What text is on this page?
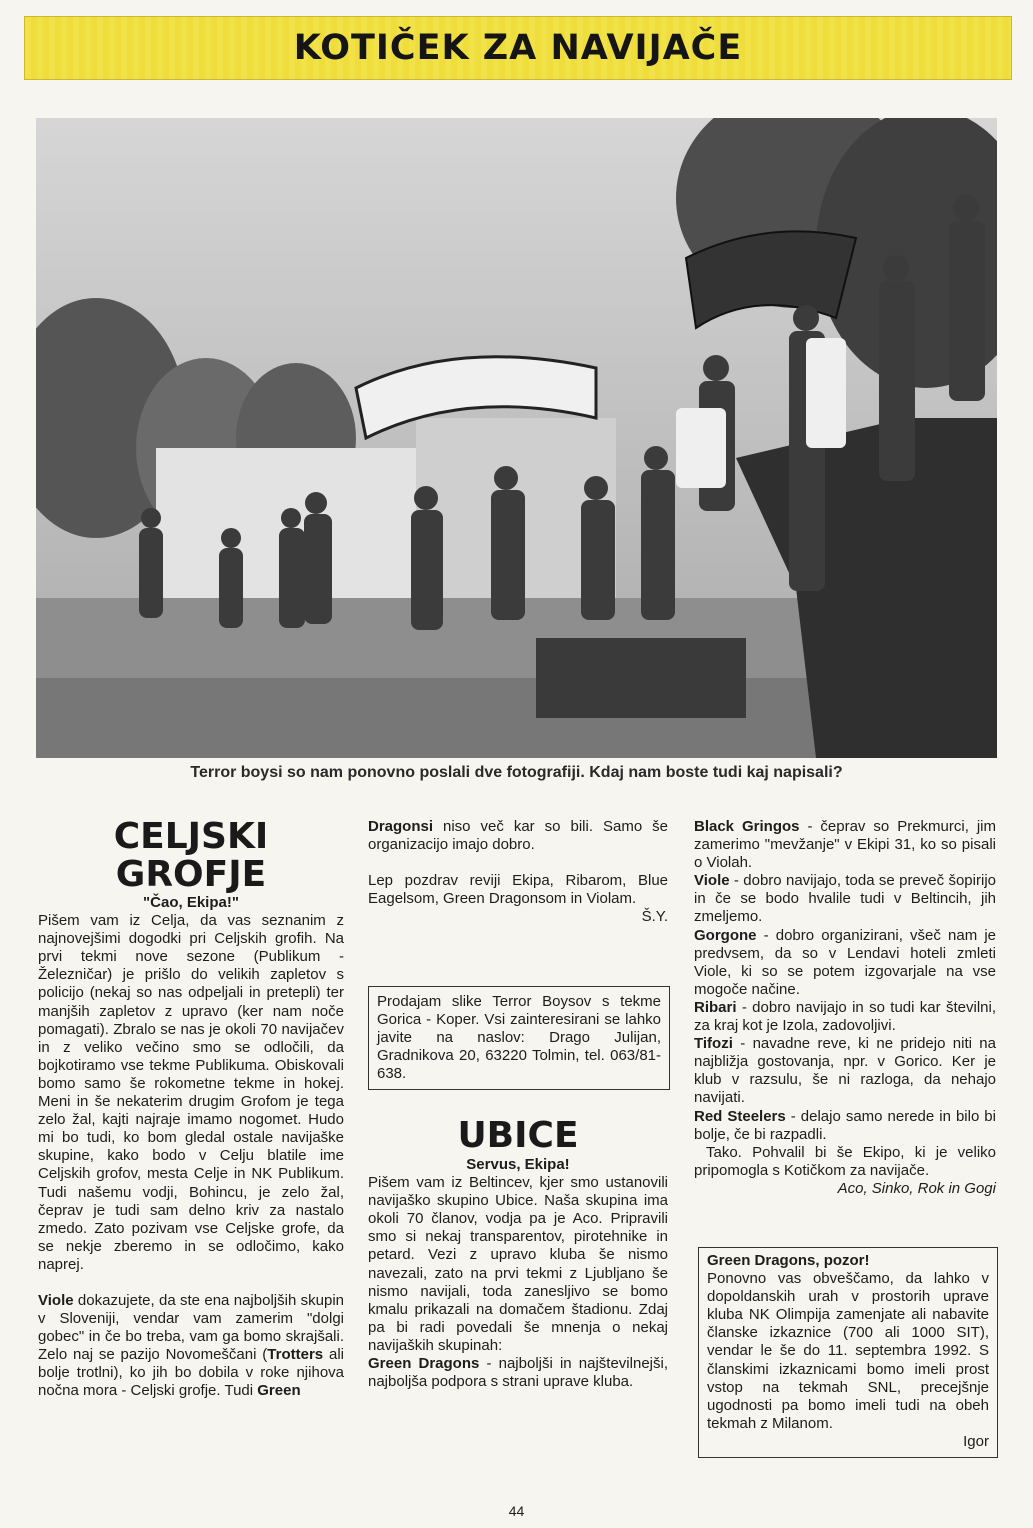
KOTIČEK ZA NAVIJAČE
Terror boysi so nam ponovno poslali dve fotografiji. Kdaj nam boste tudi kaj napisali?
CELJSKI
GROFJE

"Čao, Ekipa!"

Pišem vam iz Celja, da vas seznanim z najnovejšimi dogodki pri Celjskih grofih. Na prvi tekmi nove sezone (Publikum - Železničar) je prišlo do velikih zapletov s policijo (nekaj so nas odpeljali in pretepli) ter manjših zapletov z upravo (ker nam noče pomagati). Zbralo se nas je okoli 70 navijačev in z veliko večino smo se odločili, da bojkotiramo vse tekme Publikuma. Obiskovali bomo samo še rokometne tekme in hokej. Meni in še nekaterim drugim Grofom je tega zelo žal, kajti najraje imamo nogomet. Hudo mi bo tudi, ko bom gledal ostale navijaške skupine, kako bodo v Celju blatile ime Celjskih grofov, mesta Celje in NK Publikum. Tudi našemu vodji, Bohincu, je zelo žal, čeprav je tudi sam delno kriv za nastalo zmedo. Zato pozivam vse Celjske grofe, da se nekje zberemo in se odločimo, kako naprej.

Viole dokazujete, da ste ena najboljših skupin v Sloveniji, vendar vam zamerim "dolgi gobec" in če bo treba, vam ga bomo skrajšali. Zelo naj se pazijo Novomeščani (Trotters ali bolje trotlni), ko jih bo dobila v roke njihova nočna mora - Celjski grofje. Tudi Green

Dragonsi niso več kar so bili. Samo še organizacijo imajo dobro.

Lep pozdrav reviji Ekipa, Ribarom, Blue Eagelsom, Green Dragonsom in Violam.

Š.Y.

Prodajam slike Terror Boysov s tekme Gorica - Koper. Vsi zainteresirani se lahko javite na naslov: Drago Julijan, Gradnikova 20, 63220 Tolmin, tel. 063/81-638.

UBICE

Servus, Ekipa!

Pišem vam iz Beltincev, kjer smo ustanovili navijaško skupino Ubice. Naša skupina ima okoli 70 članov, vodja pa je Aco. Pripravili smo si nekaj transparentov, pirotehnike in petard. Vezi z upravo kluba še nismo navezali, zato na prvi tekmi z Ljubljano še nismo navijali, toda zanesljivo se bomo kmalu prikazali na domačem štadionu. Zdaj pa bi radi povedali še mnenja o nekaj navijaških skupinah:

Green Dragons - najboljši in najštevilnejši, najboljša podpora s strani uprave kluba.

Black Gringos - čeprav so Prekmurci, jim zamerimo "mevžanje" v Ekipi 31, ko so pisali o Violah.

Viole - dobro navijajo, toda se preveč šopirijo in če se bodo hvalile tudi v Beltincih, jih zmeljemo.

Gorgone - dobro organizirani, všeč nam je predvsem, da so v Lendavi hoteli zmleti Viole, ki so se potem izgovarjale na vse mogoče načine.

Ribari - dobro navijajo in so tudi kar številni, za kraj kot je Izola, zadovoljivi.

Tifozi - navadne reve, ki ne pridejo niti na najbližja gostovanja, npr. v Gorico. Ker je klub v razsulu, še ni razloga, da nehajo navijati.

Red Steelers - delajo samo nerede in bilo bi bolje, če bi razpadli.

Tako. Pohvalil bi še Ekipo, ki je veliko pripomogla s Kotičkom za navijače.

Aco, Sinko, Rok in Gogi

Green Dragons, pozor!

Ponovno vas obveščamo, da lahko v dopoldanskih urah v prostorih uprave kluba NK Olimpija zamenjate ali nabavite članske izkaznice (700 ali 1000 SIT), vendar le še do 11. septembra 1992. S članskimi izkaznicami bomo imeli prost vstop na tekmah SNL, precejšnje ugodnosti pa bomo imeli tudi na obeh tekmah z Milanom.

Igor

44
